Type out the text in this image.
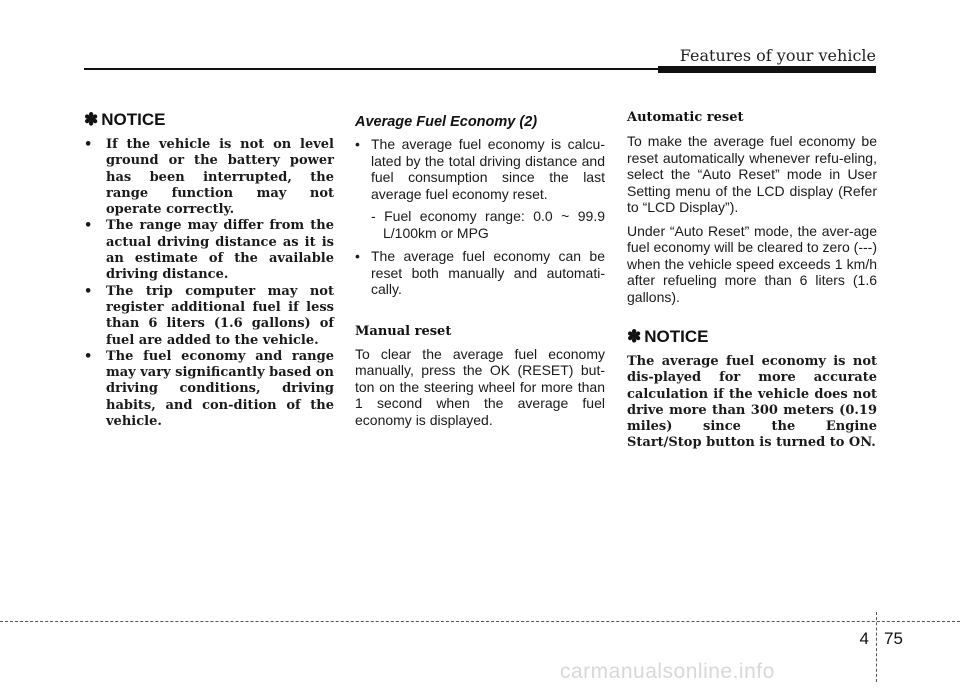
Features of your vehicle
✽ NOTICE
• If the vehicle is not on level ground or the battery power has been interrupted, the range function may not operate correctly.
• The range may differ from the actual driving distance as it is an estimate of the available driving distance.
• The trip computer may not register additional fuel if less than 6 liters (1.6 gallons) of fuel are added to the vehicle.
• The fuel economy and range may vary significantly based on driving conditions, driving habits, and con-dition of the vehicle.
Average Fuel Economy (2)
• The average fuel economy is calcu-lated by the total driving distance and fuel consumption since the last average fuel economy reset.

- Fuel economy range: 0.0 ~ 99.9 L/100km or MPG

• The average fuel economy can be reset both manually and automati-cally.
Manual reset

To clear the average fuel economy manually, press the OK (RESET) but-ton on the steering wheel for more than 1 second when the average fuel economy is displayed.

Automatic reset

To make the average fuel economy be reset automatically whenever refu-eling, select the “Auto Reset” mode in User Setting menu of the LCD display (Refer to “LCD Display”).

Under “Auto Reset” mode, the aver-age fuel economy will be cleared to zero (---) when the vehicle speed exceeds 1 km/h after refueling more than 6 liters (1.6 gallons).

✽ NOTICE

The average fuel economy is not dis-played for more accurate calculation if the vehicle does not drive more than 300 meters (0.19 miles) since the Engine Start/Stop button is turned to ON.

4 75
carmanualsonline.info
